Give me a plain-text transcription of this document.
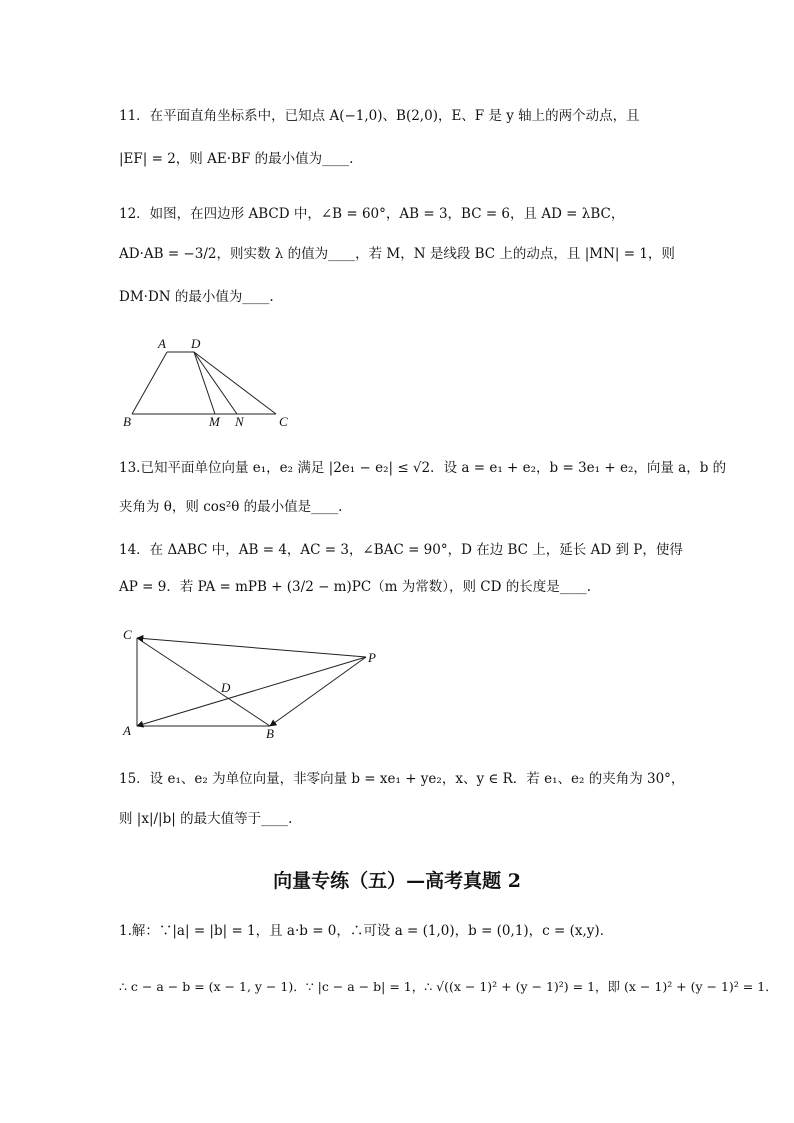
11．在平面直角坐标系中，已知点 A(−1,0)、B(2,0)，E、F 是 y 轴上的两个动点，且
|EF| = 2，则 AE·BF 的最小值为____.
12．如图，在四边形 ABCD 中，∠B = 60°，AB = 3，BC = 6，且 AD = λBC，
AD·AB = −3/2，则实数 λ 的值为____，若 M，N 是线段 BC 上的动点，且 |MN| = 1，则
DM·DN 的最小值为____.
A D
B	M N	C
13.已知平面单位向量 e₁，e₂ 满足 |2e₁ − e₂| ≤ √2．设 a = e₁ + e₂，b = 3e₁ + e₂，向量 a，b 的
夹角为 θ，则 cos²θ 的最小值是____.
14．在 ΔABC 中，AB = 4，AC = 3，∠BAC = 90°，D 在边 BC 上，延长 AD 到 P，使得
AP = 9．若 PA = mPB + (3/2 − m)PC（m 为常数），则 CD 的长度是____.
C
P
D
A	B
15．设 e₁、e₂ 为单位向量，非零向量 b = xe₁ + ye₂，x、y ∈ R．若 e₁、e₂ 的夹角为 30°，
则 |x|/|b| 的最大值等于____.
向量专练（五）—高考真题 2
1.解：∵|a| = |b| = 1，且 a·b = 0，∴可设 a = (1,0)，b = (0,1)，c = (x,y)．
∴ c − a − b = (x − 1, y − 1)．∵ |c − a − b| = 1，∴ √((x − 1)² + (y − 1)²) = 1，即 (x − 1)² + (y − 1)² = 1．
